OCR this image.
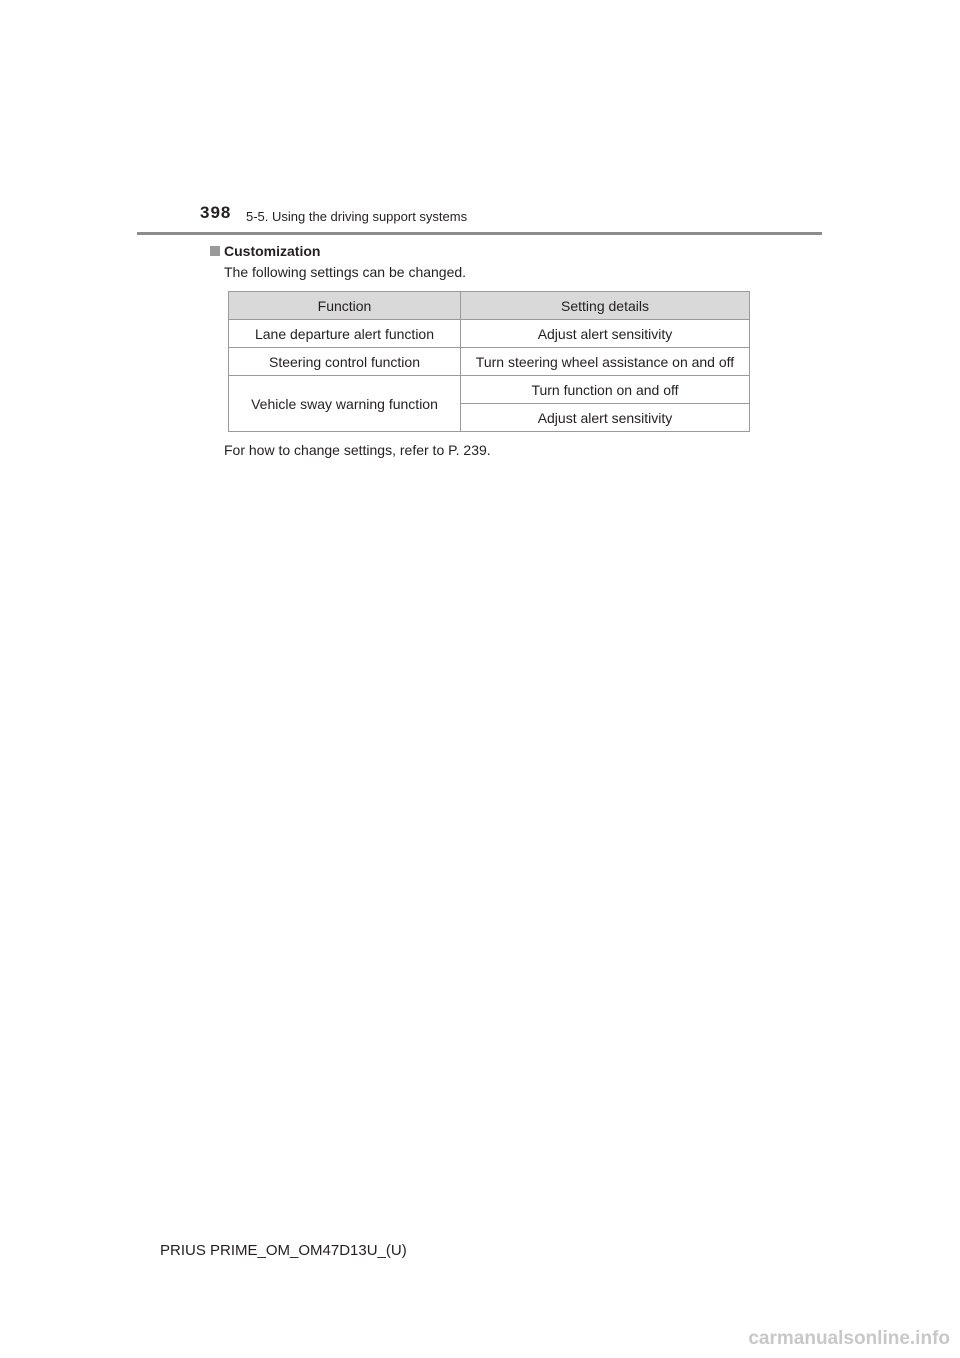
398 5-5. Using the driving support systems
Customization
The following settings can be changed.
Function	Setting details
Lane departure alert function	Adjust alert sensitivity
Steering control function	Turn steering wheel assistance on and off
Vehicle sway warning function	Turn function on and off
	Adjust alert sensitivity
For how to change settings, refer to P. 239.
PRIUS PRIME_OM_OM47D13U_(U)
carmanualsonline.info
